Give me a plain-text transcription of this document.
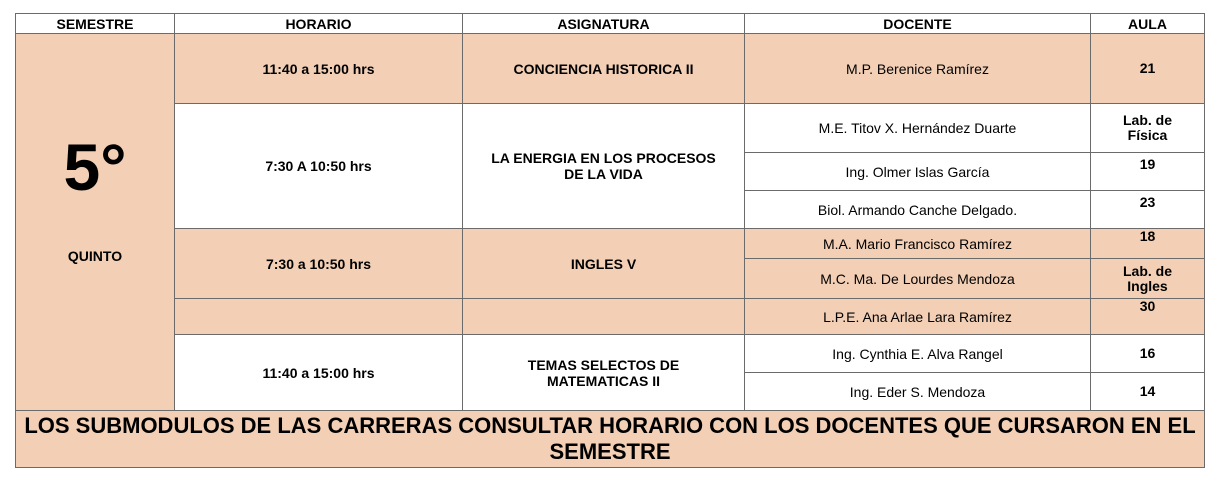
SEMESTRE	HORARIO	ASIGNATURA	DOCENTE	AULA

5°
QUINTO	11:40 a 15:00 hrs	CONCIENCIA HISTORICA II	M.P. Berenice Ramírez	21
	7:30 A 10:50 hrs	LA ENERGIA EN LOS PROCESOS DE LA VIDA	M.E. Titov X. Hernández Duarte	Lab. de Física
			Ing. Olmer Islas García	19
			Biol. Armando Canche Delgado.	23
	7:30 a 10:50 hrs	INGLES V	M.A. Mario Francisco Ramírez	18
			M.C. Ma. De Lourdes Mendoza	Lab. de Ingles
			L.P.E. Ana Arlae Lara Ramírez	30
	11:40 a 15:00 hrs	TEMAS SELECTOS DE MATEMATICAS II	Ing. Cynthia E. Alva Rangel	16
			Ing. Eder S. Mendoza	14

LOS SUBMODULOS DE LAS CARRERAS CONSULTAR HORARIO CON LOS DOCENTES QUE CURSARON EN EL SEMESTRE				
